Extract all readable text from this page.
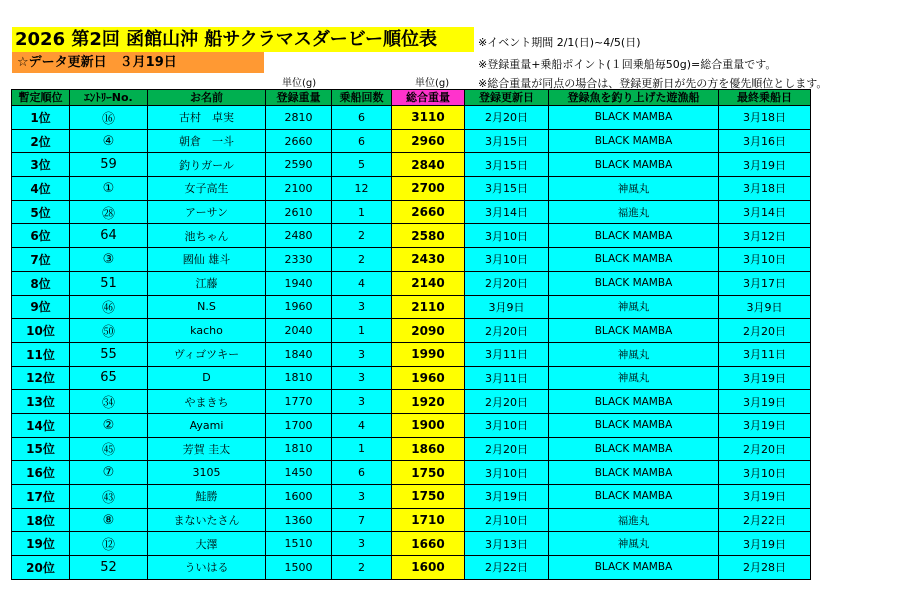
2026 第2回 函館山沖 船サクラマスダービー順位表
☆データ更新日　３月19日
※イベント期間 2/1(日)~4/5(日)
※登録重量+乗船ポイント(１回乗船毎50g)=総合重量です。
※総合重量が同点の場合は、登録更新日が先の方を優先順位とします。
単位(g)	単位(g)
暫定順位	ｴﾝﾄﾘｰNo.	お名前	登録重量	乗船回数	総合重量	登録更新日	登録魚を釣り上げた遊漁船	最終乗船日
1位	⑯	古村　卓実	2810	6	3110	2月20日	BLACK MAMBA	3月18日
2位	④	朝倉　一斗	2660	6	2960	3月15日	BLACK MAMBA	3月16日
3位	59	釣りガール	2590	5	2840	3月15日	BLACK MAMBA	3月19日
4位	①	女子高生	2100	12	2700	3月15日	神風丸	3月18日
5位	㉘	アーサン	2610	1	2660	3月14日	福進丸	3月14日
6位	64	池ちゃん	2480	2	2580	3月10日	BLACK MAMBA	3月12日
7位	③	國仙 雄斗	2330	2	2430	3月10日	BLACK MAMBA	3月10日
8位	51	江藤	1940	4	2140	2月20日	BLACK MAMBA	3月17日
9位	㊻	N.S	1960	3	2110	3月9日	神風丸	3月9日
10位	㊿	kacho	2040	1	2090	2月20日	BLACK MAMBA	2月20日
11位	55	ヴィゴツキー	1840	3	1990	3月11日	神風丸	3月11日
12位	65	D	1810	3	1960	3月11日	神風丸	3月19日
13位	㉞	やまきち	1770	3	1920	2月20日	BLACK MAMBA	3月19日
14位	②	Ayami	1700	4	1900	3月10日	BLACK MAMBA	3月19日
15位	㊺	芳賀 圭太	1810	1	1860	2月20日	BLACK MAMBA	2月20日
16位	⑦	3105	1450	6	1750	3月10日	BLACK MAMBA	3月10日
17位	㊸	鮭勝	1600	3	1750	3月19日	BLACK MAMBA	3月19日
18位	⑧	まないたさん	1360	7	1710	2月10日	福進丸	2月22日
19位	⑫	大澤	1510	3	1660	3月13日	神風丸	3月19日
20位	52	ういはる	1500	2	1600	2月22日	BLACK MAMBA	2月28日
